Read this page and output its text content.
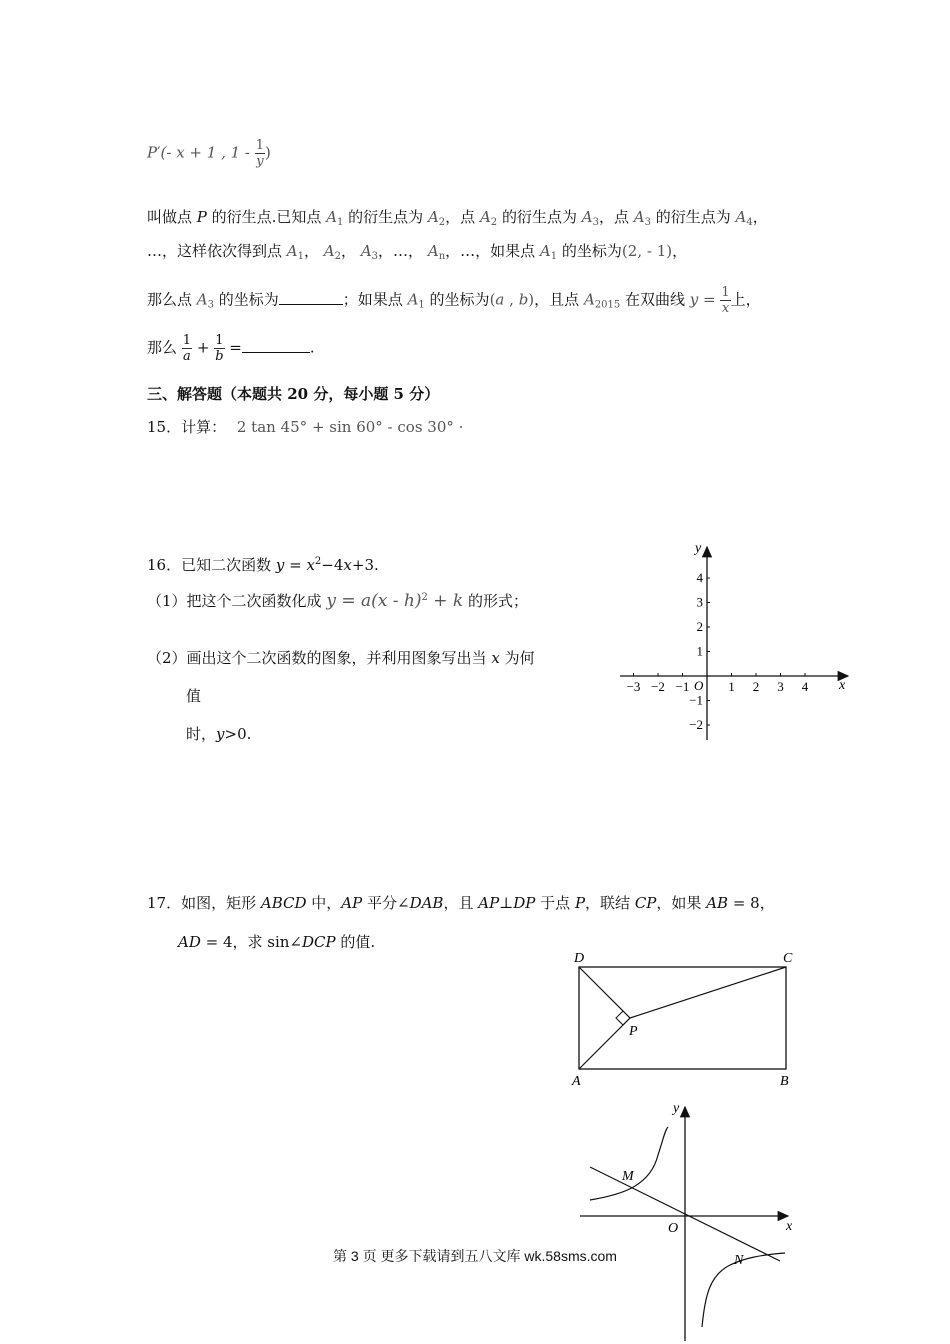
P′(- x + 1 , $1 - \frac{1}{y}$ )
叫做点 P 的衍生点.已知点 $A_1$ 的衍生点为 $A_2$，点 $A_2$ 的衍生点为 $A_3$，点 $A_3$ 的衍生点为 $A_4$，
…，这样依次得到点 $A_1$， $A_2$， $A_3$，…， $A_n$，…，如果点 $A_1$ 的坐标为(2, - 1)，
那么点 $A_3$ 的坐标为	；如果点 $A_1$ 的坐标为(a , b)，且点 $A_{2015}$ 在双曲线 $y = \frac{1}{x}$ 上，
那么 $\frac{1}{a} + \frac{1}{b}$ =	.
三、解答题（本题共 20 分，每小题 5 分）
15．计算： 2 tan 45° + sin 60° - cos 30° ·
16．已知二次函数 $y = x^2-4x+3$.
（1）把这个二次函数化成 y = a(x - h)$^2$ + k 的形式；
（2）画出这个二次函数的图象，并利用图象写出当 x 为何
值
时，y>0.
−3 −2 −1	1 2 3 4
4
3
2
1
−1
−2
x
y
O
17．如图，矩形 ABCD 中，AP 平分∠DAB，且 AP⊥DP 于点 P，联结 CP，如果 AB = 8，
AD = 4，求 sin∠DCP 的值.
D	C
P
A	B
y
x
O
M
N
第 3 页 更多下载请到五八文库 wk.58sms.com
